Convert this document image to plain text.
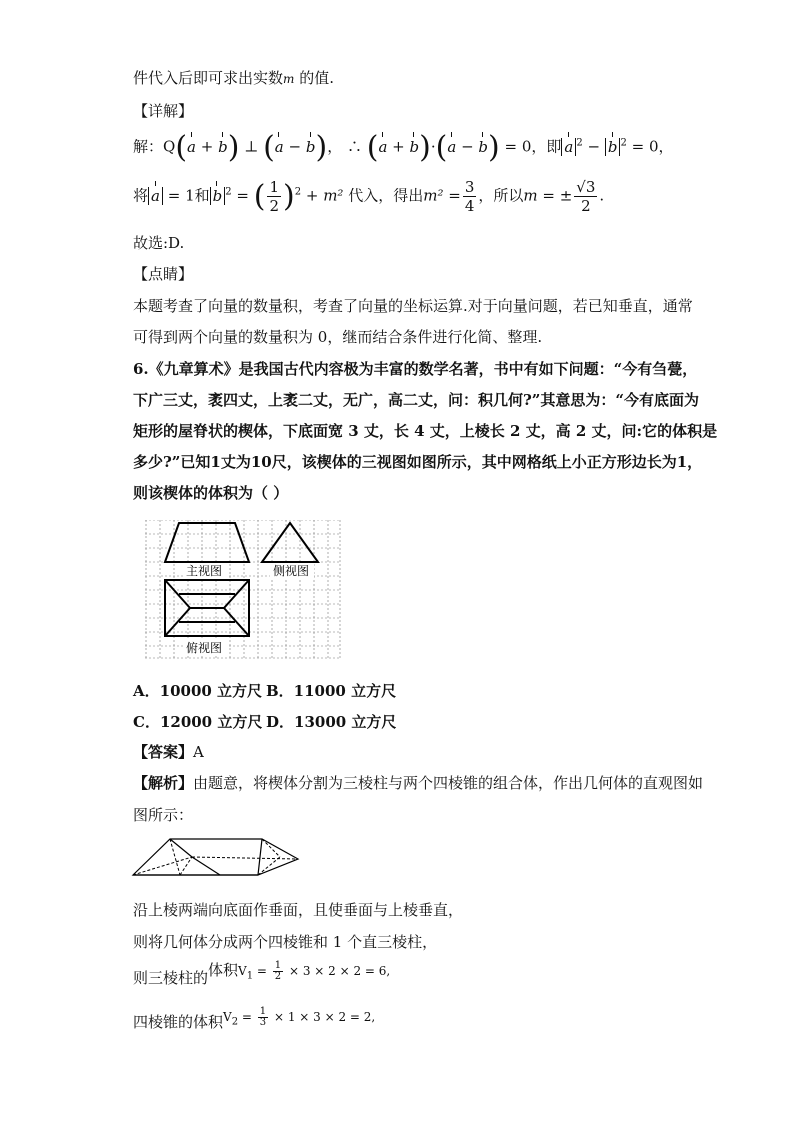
件代入后即可求出实数m 的值.
【详解】
解：Q(a + b) ⊥ (a − b)， ∴ (a + b)·(a − b) = 0，即 a $^2$ − b $^2$ = 0，
将 a = 1和 b $^2$ = ( $\frac{1}{2} )^2 + m^2$ 代入，得出$m^2 = \frac{3}{4}$ ，所以m = ± $\frac{√3}{2}$ .
故选:D.
【点睛】
本题考查了向量的数量积，考查了向量的坐标运算.对于向量问题，若已知垂直，通常
可得到两个向量的数量积为 0，继而结合条件进行化简、整理.
6.《九章算术》是我国古代内容极为丰富的数学名著，书中有如下问题：“今有刍甍，
下广三丈，袤四丈，上袤二丈，无广，高二丈，问：积几何?”其意思为：“今有底面为
矩形的屋脊状的楔体，下底面宽 3 丈，长 4 丈，上棱长 2 丈，高 2 丈，问:它的体积是
多少?”已知1丈为10尺，该楔体的三视图如图所示，其中网格纸上小正方形边长为1，
则该楔体的体积为（ ）
主视图	侧视图
俯视图
A．10000 立方尺 B．11000 立方尺
C．12000 立方尺 D．13000 立方尺
【答案】A
【解析】由题意，将楔体分割为三棱柱与两个四棱锥的组合体，作出几何体的直观图如
图所示：
沿上棱两端向底面作垂面，且使垂面与上棱垂直，
则将几何体分成两个四棱锥和 1 个直三棱柱，
则三棱柱的体积$^{V_1 = \frac{1}{2} \times 3 \times 2 \times 2 = 6,}$
四棱锥的体积$^{V_2 = \frac{1}{3} \times 1 \times 3 \times 2 = 2,}$
